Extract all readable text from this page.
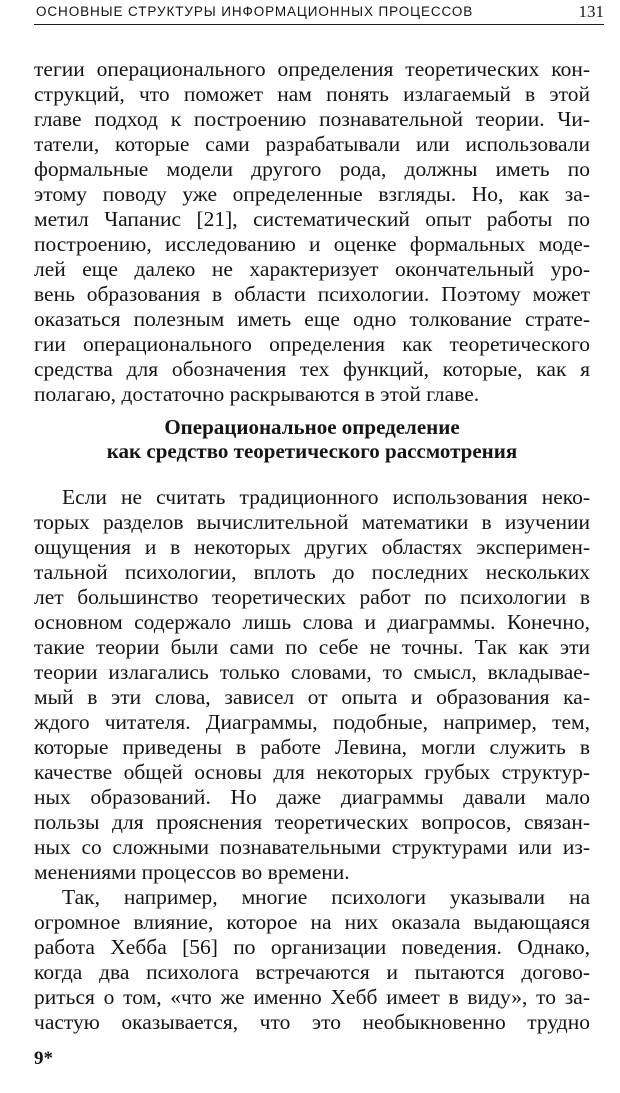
ОСНОВНЫЕ СТРУКТУРЫ ИНФОРМАЦИОННЫХ ПРОЦЕССОВ	131
тегии операционального определения теоретических кон-
струкций, что поможет нам понять излагаемый в этой
главе подход к построению познавательной теории. Чи-
татели, которые сами разрабатывали или использовали
формальные модели другого рода, должны иметь по
этому поводу уже определенные взгляды. Но, как за-
метил Чапанис [21], систематический опыт работы по
построению, исследованию и оценке формальных моде-
лей еще далеко не характеризует окончательный уро-
вень образования в области психологии. Поэтому может
оказаться полезным иметь еще одно толкование страте-
гии операционального определения как теоретического
средства для обозначения тех функций, которые, как я
полагаю, достаточно раскрываются в этой главе.
Операциональное определение
как средство теоретического рассмотрения
Если не считать традиционного использования неко-
торых разделов вычислительной математики в изучении
ощущения и в некоторых других областях эксперимен-
тальной психологии, вплоть до последних нескольких
лет большинство теоретических работ по психологии в
основном содержало лишь слова и диаграммы. Конечно,
такие теории были сами по себе не точны. Так как эти
теории излагались только словами, то смысл, вкладывае-
мый в эти слова, зависел от опыта и образования ка-
ждого читателя. Диаграммы, подобные, например, тем,
которые приведены в работе Левина, могли служить в
качестве общей основы для некоторых грубых структур-
ных образований. Но даже диаграммы давали мало
пользы для прояснения теоретических вопросов, связан-
ных со сложными познавательными структурами или из-
менениями процессов во времени.
Так, например, многие психологи указывали на
огромное влияние, которое на них оказала выдающаяся
работа Хебба [56] по организации поведения. Однако,
когда два психолога встречаются и пытаются догово-
риться о том, «что же именно Хебб имеет в виду», то за-
частую оказывается, что это необыкновенно трудно
9*
